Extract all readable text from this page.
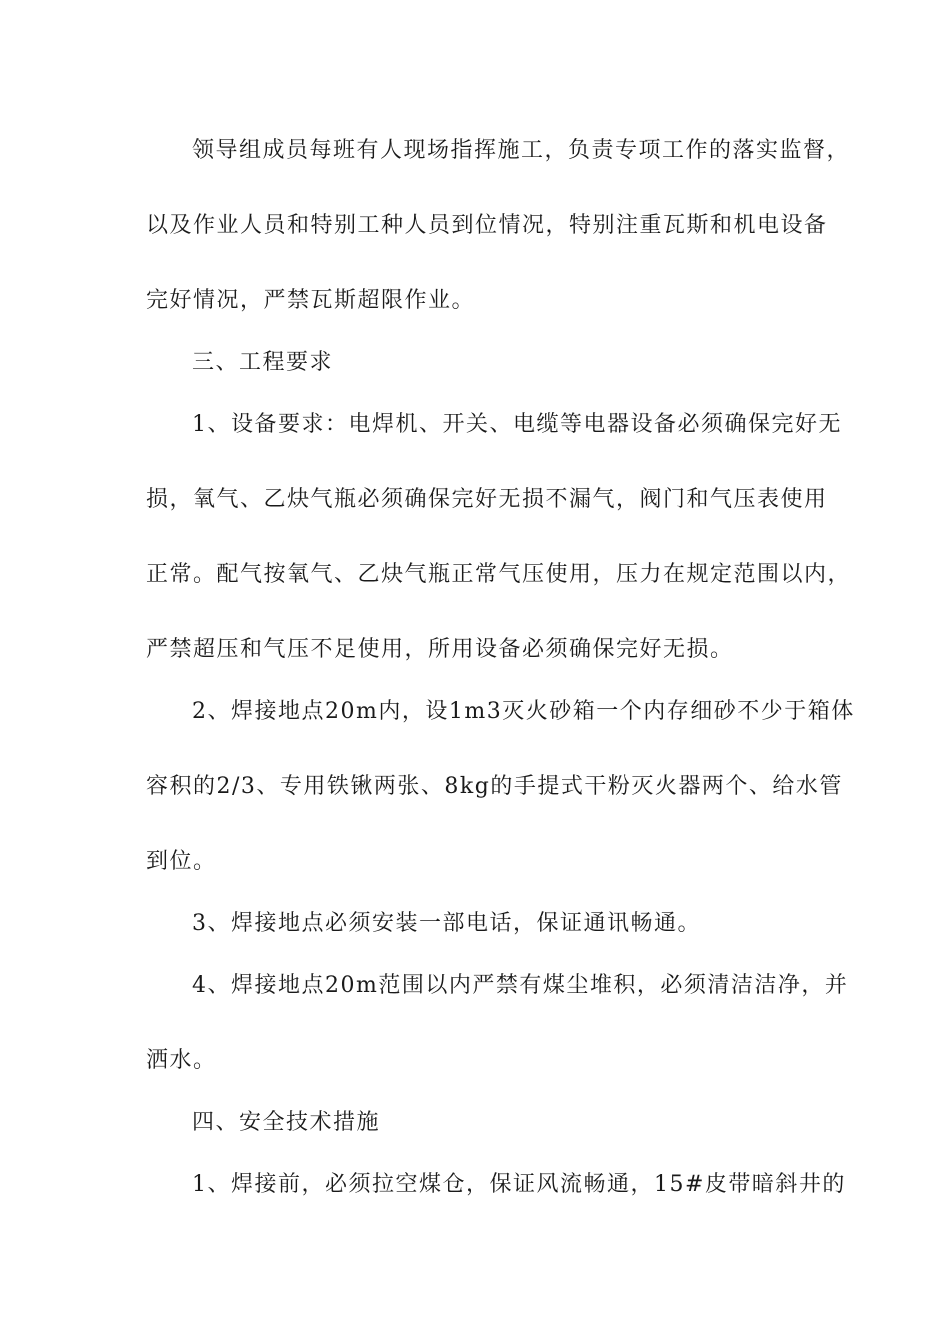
领导组成员每班有人现场指挥施工，负责专项工作的落实监督，
以及作业人员和特别工种人员到位情况，特别注重瓦斯和机电设备
完好情况，严禁瓦斯超限作业。
三、工程要求
1、设备要求：电焊机、开关、电缆等电器设备必须确保完好无
损，氧气、乙炔气瓶必须确保完好无损不漏气，阀门和气压表使用
正常。配气按氧气、乙炔气瓶正常气压使用，压力在规定范围以内，
严禁超压和气压不足使用，所用设备必须确保完好无损。
2、焊接地点20m内，设1m3灭火砂箱一个内存细砂不少于箱体
容积的2/3、专用铁锹两张、8kg的手提式干粉灭火器两个、给水管
到位。
3、焊接地点必须安装一部电话，保证通讯畅通。
4、焊接地点20m范围以内严禁有煤尘堆积，必须清洁洁净，并
洒水。
四、安全技术措施
1、焊接前，必须拉空煤仓，保证风流畅通，15#皮带暗斜井的
